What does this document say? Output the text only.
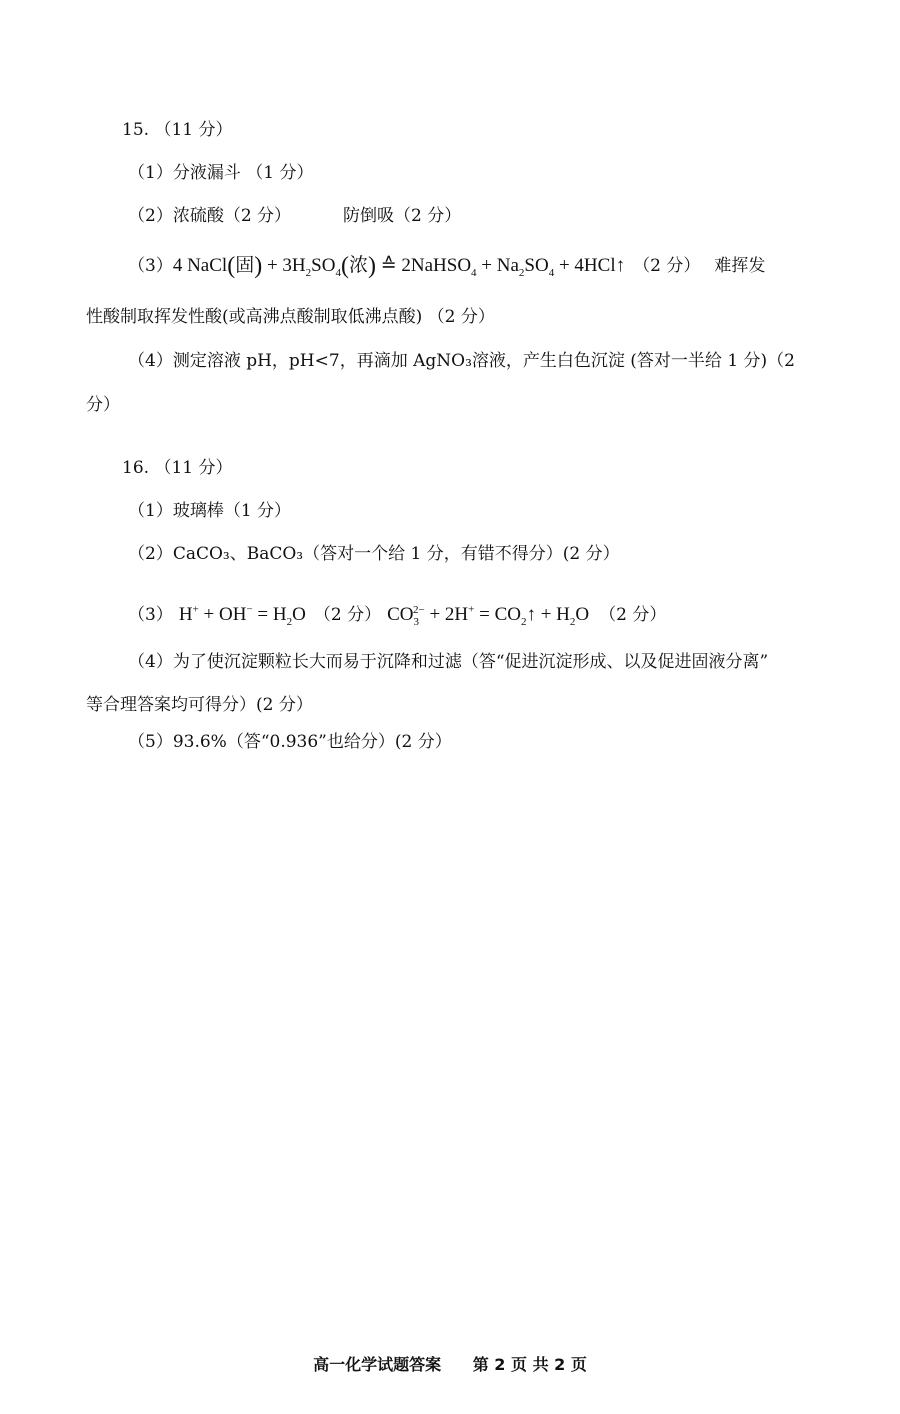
15. （11 分）
（1）分液漏斗 （1 分）
（2）浓硫酸（2 分）	防倒吸（2 分）
（3）4 NaCl(固) + $3H_2SO_4$(浓) ≙ 2NaHSO$_4$ + $Na_2SO_4$ + 4HCl↑ （2 分） 难挥发
性酸制取挥发性酸(或高沸点酸制取低沸点酸) （2 分）
（4）测定溶液 pH，pH<7，再滴加 AgNO₃溶液，产生白色沉淀 (答对一半给 1 分)（2
分）
16. （11 分）
（1）玻璃棒（1 分）
（2）CaCO₃、BaCO₃（答对一个给 1 分，有错不得分）(2 分）
（3） $H^+ + OH^- = H_2O$ （2 分） $CO_3^{2-} + 2H^+$ = $CO_2↑ + H_2O$ （2 分）
（4）为了使沉淀颗粒长大而易于沉降和过滤（答“促进沉淀形成、以及促进固液分离”
等合理答案均可得分）(2 分）
（5）93.6%（答“0.936”也给分）(2 分）
高一化学试题答案 第 2 页 共 2 页
